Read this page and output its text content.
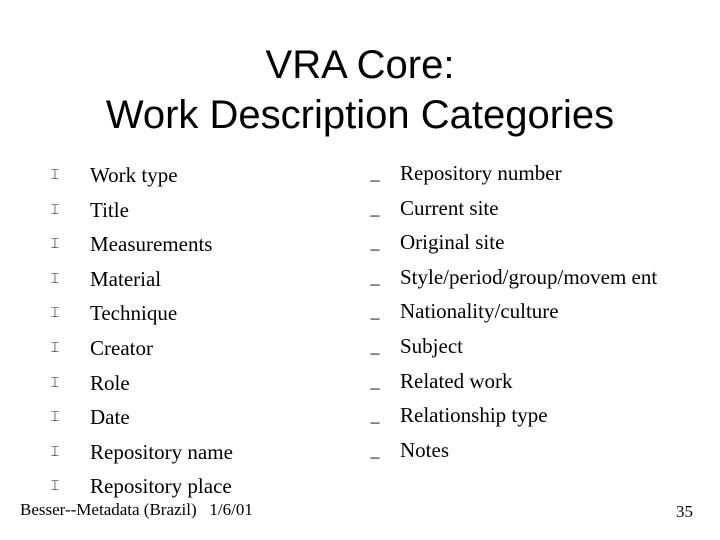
VRA Core:
Work Description Categories
⌶	Work type
⌶	Title
⌶	Measurements
⌶	Material
⌶	Technique
⌶	Creator
⌶	Role
⌶	Date
⌶	Repository name
⌶	Repository place
_ Repository number
_ Current site
_ Original site
_ Style/period/group/movem ent
_ Nationality/culture
_ Subject
_ Related work
_ Relationship type
_ Notes
Besser--Metadata (Brazil)   1/6/01	35
